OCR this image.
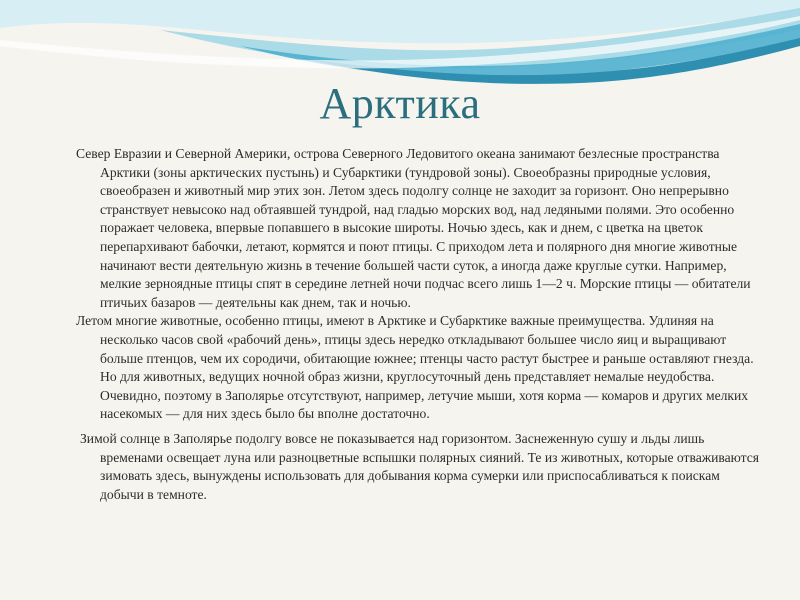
Арктика

Север Евразии и Северной Америки, острова Северного Ледовитого океана занимают безлесные пространства Арктики (зоны арктических пустынь) и Субарктики (тундровой зоны). Своеобразны природные условия, своеобразен и животный мир этих зон. Летом здесь подолгу солнце не заходит за горизонт. Оно непрерывно странствует невысоко над обтаявшей тундрой, над гладью морских вод, над ледяными полями. Это особенно поражает человека, впервые попавшего в высокие широты. Ночью здесь, как и днем, с цветка на цветок перепархивают бабочки, летают, кормятся и поют птицы. С приходом лета и полярного дня многие животные начинают вести деятельную жизнь в течение большей части суток, а иногда даже круглые сутки. Например, мелкие зерноядные птицы спят в середине летней ночи подчас всего лишь 1—2 ч. Морские птицы — обитатели птичьих базаров — деятельны как днем, так и ночью.

Летом многие животные, особенно птицы, имеют в Арктике и Субарктике важные преимущества. Удлиняя на несколько часов свой «рабочий день», птицы здесь нередко откладывают большее число яиц и выращивают больше птенцов, чем их сородичи, обитающие южнее; птенцы часто растут быстрее и раньше оставляют гнезда. Но для животных, ведущих ночной образ жизни, круглосуточный день представляет немалые неудобства. Очевидно, поэтому в Заполярье отсутствуют, например, летучие мыши, хотя корма — комаров и других мелких насекомых — для них здесь было бы вполне достаточно.

Зимой солнце в Заполярье подолгу вовсе не показывается над горизонтом. Заснеженную сушу и льды лишь временами освещает луна или разноцветные вспышки полярных сияний. Те из животных, которые отваживаются зимовать здесь, вынуждены использовать для добывания корма сумерки или приспосабливаться к поискам добычи в темноте.
